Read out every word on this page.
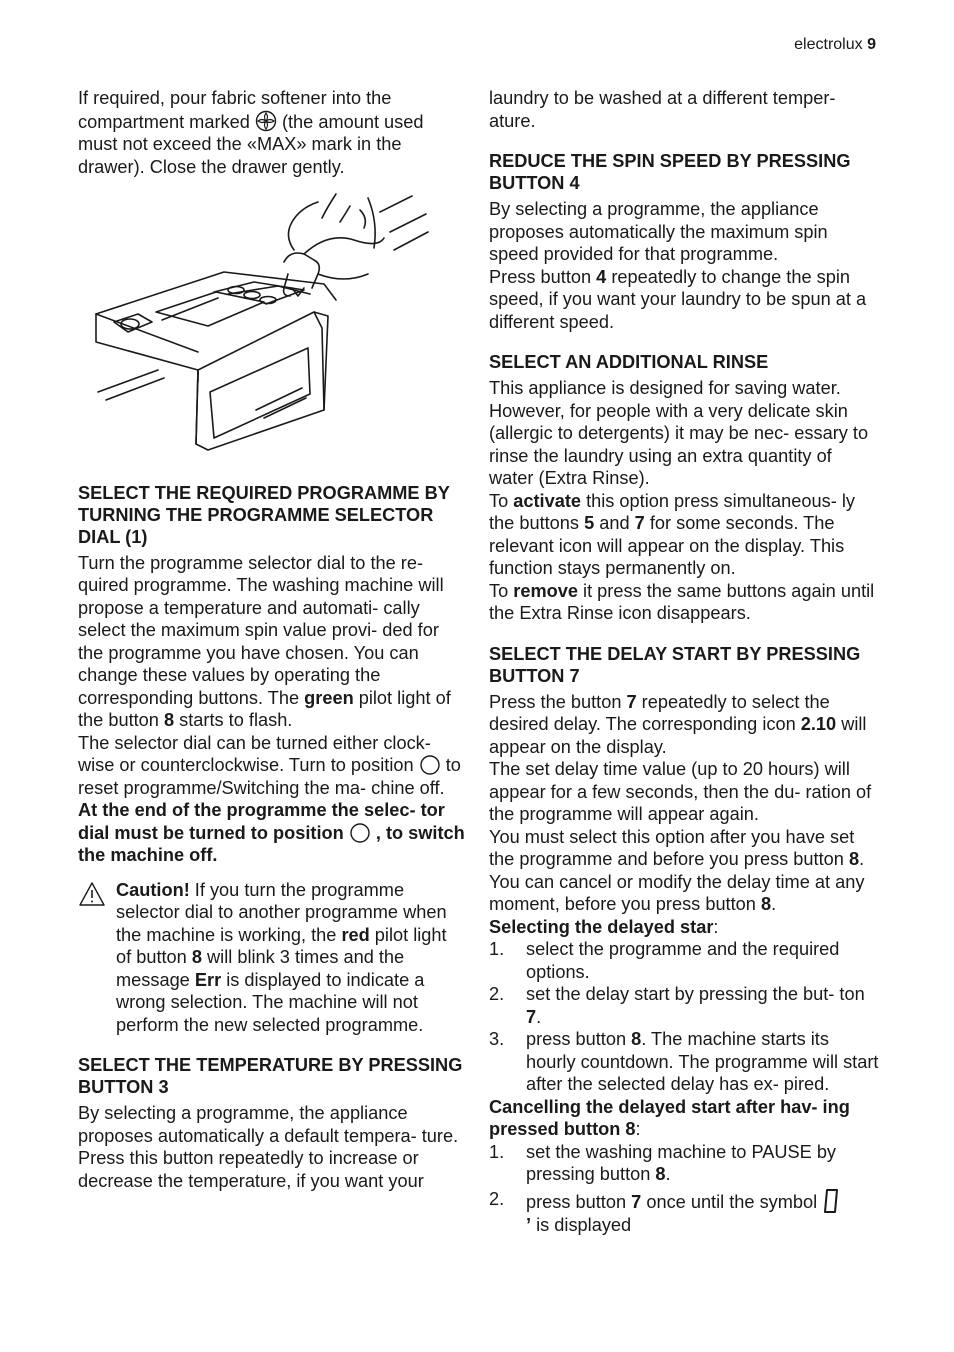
electrolux 9

If required, pour fabric softener into the compartment marked  (the amount used must not exceed the «MAX» mark in the drawer). Close the drawer gently.

SELECT THE REQUIRED PROGRAMME BY TURNING THE PROGRAMME SELECTOR DIAL (1)

Turn the programme selector dial to the re- quired programme. The washing machine will propose a temperature and automati- cally select the maximum spin value provi- ded for the programme you have chosen. You can change these values by operating the corresponding buttons. The green pilot light of the button 8 starts to flash.

The selector dial can be turned either clock- wise or counterclockwise. Turn to position  to reset programme/Switching the ma- chine off.

At the end of the programme the selec- tor dial must be turned to position  , to switch the machine off.

Caution! If you turn the programme selector dial to another programme when the machine is working, the red pilot light of button 8 will blink 3 times and the message Err is displayed to indicate a wrong selection. The machine will not perform the new selected programme.

SELECT THE TEMPERATURE BY PRESSING BUTTON 3

By selecting a programme, the appliance proposes automatically a default tempera- ture.

Press this button repeatedly to increase or decrease the temperature, if you want your

laundry to be washed at a different temper- ature.

REDUCE THE SPIN SPEED BY PRESSING BUTTON 4

By selecting a programme, the appliance proposes automatically the maximum spin speed provided for that programme.

Press button 4 repeatedly to change the spin speed, if you want your laundry to be spun at a different speed.

SELECT AN ADDITIONAL RINSE

This appliance is designed for saving water. However, for people with a very delicate skin (allergic to detergents) it may be nec- essary to rinse the laundry using an extra quantity of water (Extra Rinse).

To activate this option press simultaneous- ly the buttons 5 and 7 for some seconds. The relevant icon will appear on the display. This function stays permanently on.

To remove it press the same buttons again until the Extra Rinse icon disappears.

SELECT THE DELAY START BY PRESSING BUTTON 7

Press the button 7 repeatedly to select the desired delay. The corresponding icon 2.10 will appear on the display.

The set delay time value (up to 20 hours) will appear for a few seconds, then the du- ration of the programme will appear again.

You must select this option after you have set the programme and before you press button 8.

You can cancel or modify the delay time at any moment, before you press button 8.

Selecting the delayed star:

1. select the programme and the required options.
2. set the delay start by pressing the but- ton 7.
3. press button 8. The machine starts its hourly countdown. The programme will start after the selected delay has ex- pired.

Cancelling the delayed start after hav- ing pressed button 8:

1. set the washing machine to PAUSE by pressing button 8.
2. press button 7 once until the symbol
’ is displayed
